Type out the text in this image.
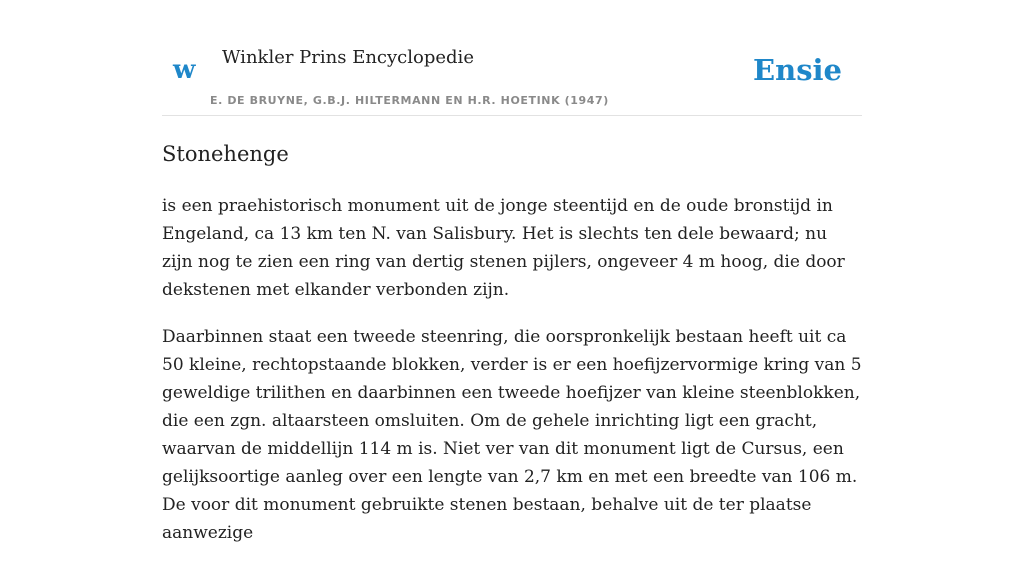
w Winkler Prins Encyclopedie
E. DE BRUYNE, G.B.J. HILTERMANN EN H.R. HOETINK (1947)
Ensie
Stonehenge

is een praehistorisch monument uit de jonge steentijd en de oude bronstijd in Engeland, ca 13 km ten N. van Salisbury. Het is slechts ten dele bewaard; nu zijn nog te zien een ring van dertig stenen pijlers, ongeveer 4 m hoog, die door dekstenen met elkander verbonden zijn.

Daarbinnen staat een tweede steenring, die oorspronkelijk bestaan heeft uit ca 50 kleine, rechtopstaande blokken, verder is er een hoefijzervormige kring van 5 geweldige trilithen en daarbinnen een tweede hoefijzer van kleine steenblokken, die een zgn. altaarsteen omsluiten. Om de gehele inrichting ligt een gracht, waarvan de middellijn 114 m is. Niet ver van dit monument ligt de Cursus, een gelijksoortige aanleg over een lengte van 2,7 km en met een breedte van 106 m. De voor dit monument gebruikte stenen bestaan, behalve uit de ter plaatse aanwezige
